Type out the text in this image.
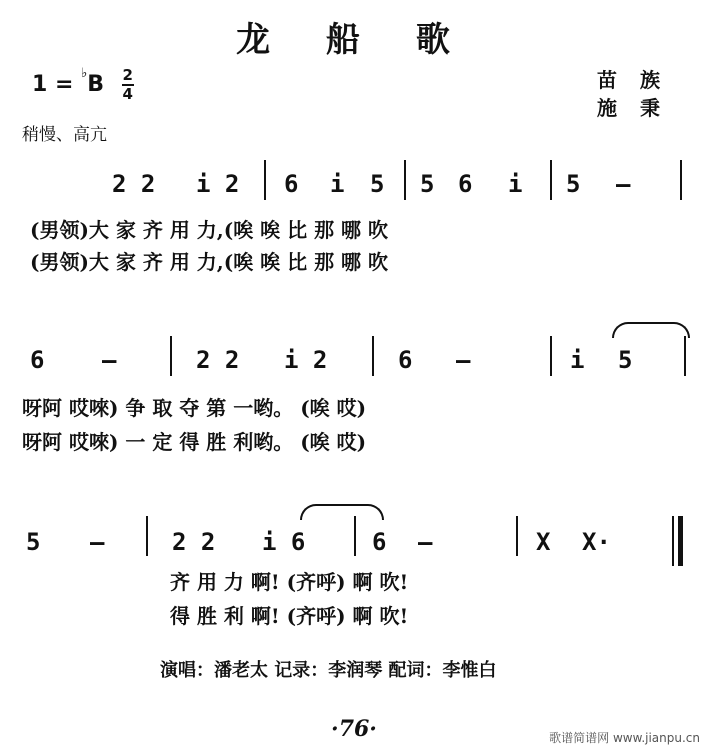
龙 船 歌
$1 = ^♭B \frac{2}{4}$	苗 族
施 秉
稍慢、高亢
2 2 i 2 6 i 5 5 6 i 5 —
(男领)大 家 齐 用 力,(唉 唉 比 那 哪 吹
(男领)大 家 齐 用 力,(唉 唉 比 那 哪 吹
6 —	2 2 i 2	6 —	i 5
呀阿 哎唻) 争 取 夺 第 一哟。 (唉 哎)
呀阿 哎唻) 一 定 得 胜 利哟。 (唉 哎)
5 —	2 2 i 6	6 —	X X·
齐 用 力 啊! (齐呼) 啊 吹!
得 胜 利 啊! (齐呼) 啊 吹!
演唱：潘老太 记录：李润琴 配词：李惟白
·76·	歌谱简谱网 www.jianpu.cn
